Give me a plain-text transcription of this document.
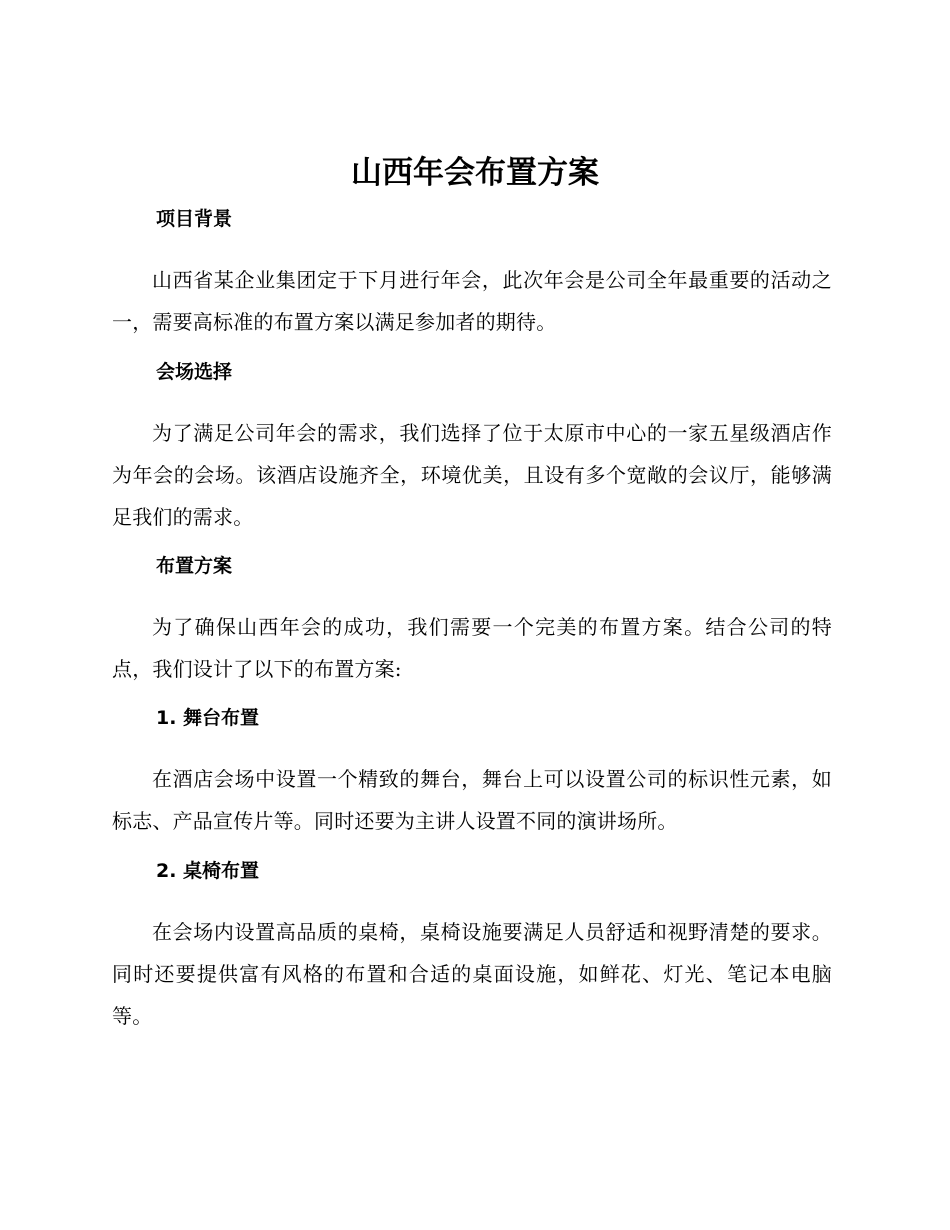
山西年会布置方案
项目背景

山西省某企业集团定于下月进行年会，此次年会是公司全年最重要的活动之一，需要高标准的布置方案以满足参加者的期待。

会场选择

为了满足公司年会的需求，我们选择了位于太原市中心的一家五星级酒店作为年会的会场。该酒店设施齐全，环境优美，且设有多个宽敞的会议厅，能够满足我们的需求。

布置方案

为了确保山西年会的成功，我们需要一个完美的布置方案。结合公司的特点，我们设计了以下的布置方案:

1. 舞台布置

在酒店会场中设置一个精致的舞台，舞台上可以设置公司的标识性元素，如标志、产品宣传片等。同时还要为主讲人设置不同的演讲场所。

2. 桌椅布置

在会场内设置高品质的桌椅，桌椅设施要满足人员舒适和视野清楚的要求。同时还要提供富有风格的布置和合适的桌面设施，如鲜花、灯光、笔记本电脑等。
